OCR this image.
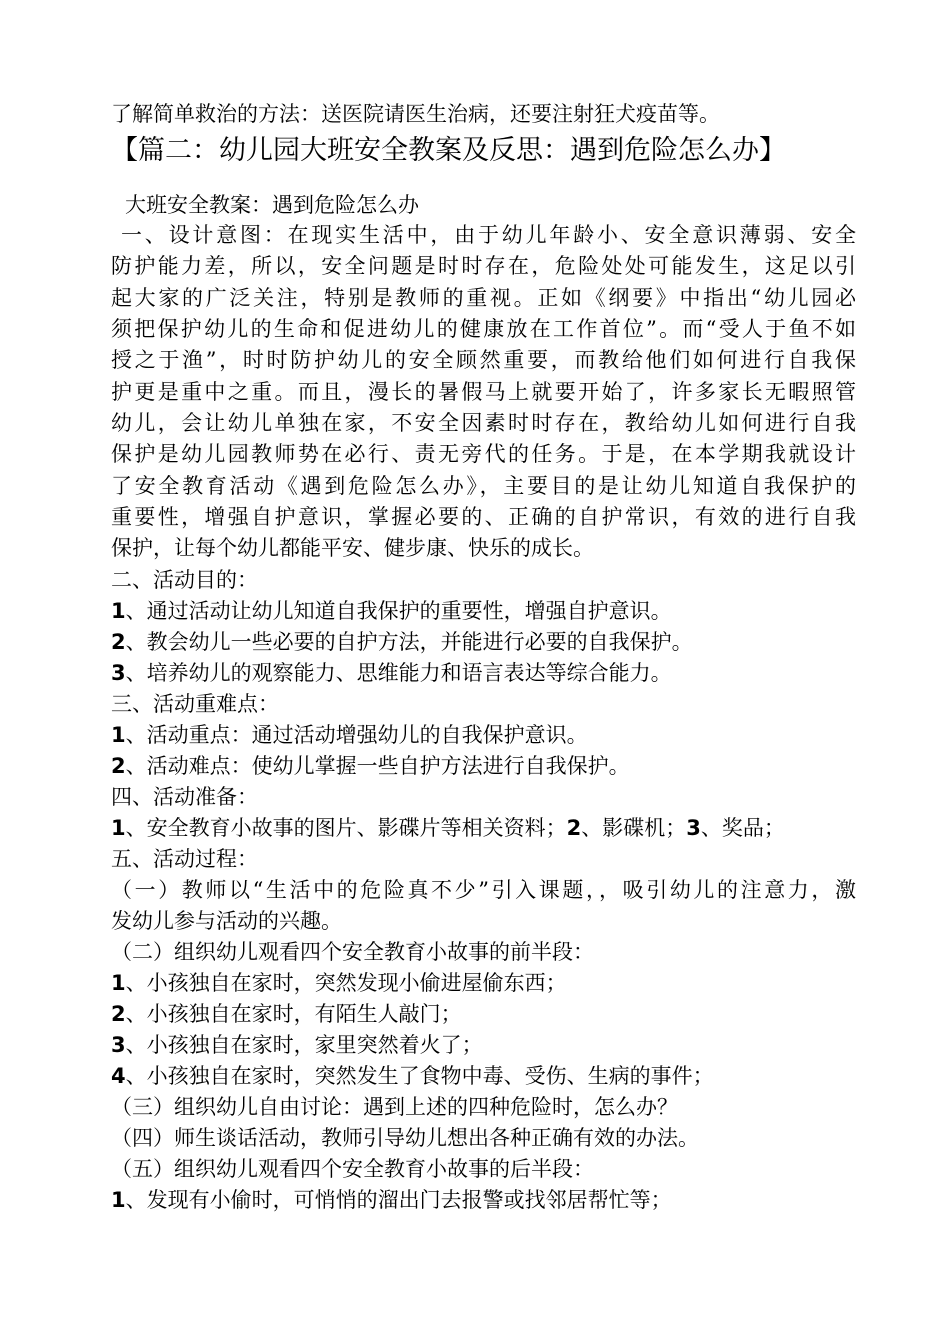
了解简单救治的方法：送医院请医生治病，还要注射狂犬疫苗等。
【篇二：幼儿园大班安全教案及反思：遇到危险怎么办】
大班安全教案：遇到危险怎么办
一、设计意图：在现实生活中，由于幼儿年龄小、安全意识薄弱、安全
防护能力差，所以，安全问题是时时存在，危险处处可能发生，这足以引
起大家的广泛关注，特别是教师的重视。正如《纲要》中指出“幼儿园必
须把保护幼儿的生命和促进幼儿的健康放在工作首位”。而“受人于鱼不如
授之于渔”，时时防护幼儿的安全顾然重要，而教给他们如何进行自我保
护更是重中之重。而且，漫长的暑假马上就要开始了，许多家长无暇照管
幼儿，会让幼儿单独在家，不安全因素时时存在，教给幼儿如何进行自我
保护是幼儿园教师势在必行、责无旁代的任务。于是，在本学期我就设计
了安全教育活动《遇到危险怎么办》，主要目的是让幼儿知道自我保护的
重要性，增强自护意识，掌握必要的、正确的自护常识，有效的进行自我
保护，让每个幼儿都能平安、健步康、快乐的成长。
二、活动目的：
1、通过活动让幼儿知道自我保护的重要性，增强自护意识。
2、教会幼儿一些必要的自护方法，并能进行必要的自我保护。
3、培养幼儿的观察能力、思维能力和语言表达等综合能力。
三、活动重难点：
1、活动重点：通过活动增强幼儿的自我保护意识。
2、活动难点：使幼儿掌握一些自护方法进行自我保护。
四、活动准备：
1、安全教育小故事的图片、影碟片等相关资料；2、影碟机；3、奖品；
五、活动过程：
（一）教师以“生活中的危险真不少”引入课题，，吸引幼儿的注意力，激
发幼儿参与活动的兴趣。
（二）组织幼儿观看四个安全教育小故事的前半段：
1、小孩独自在家时，突然发现小偷进屋偷东西；
2、小孩独自在家时，有陌生人敲门；
3、小孩独自在家时，家里突然着火了；
4、小孩独自在家时，突然发生了食物中毒、受伤、生病的事件；
（三）组织幼儿自由讨论：遇到上述的四种危险时，怎么办？
（四）师生谈话活动，教师引导幼儿想出各种正确有效的办法。
（五）组织幼儿观看四个安全教育小故事的后半段：
1、发现有小偷时，可悄悄的溜出门去报警或找邻居帮忙等；
